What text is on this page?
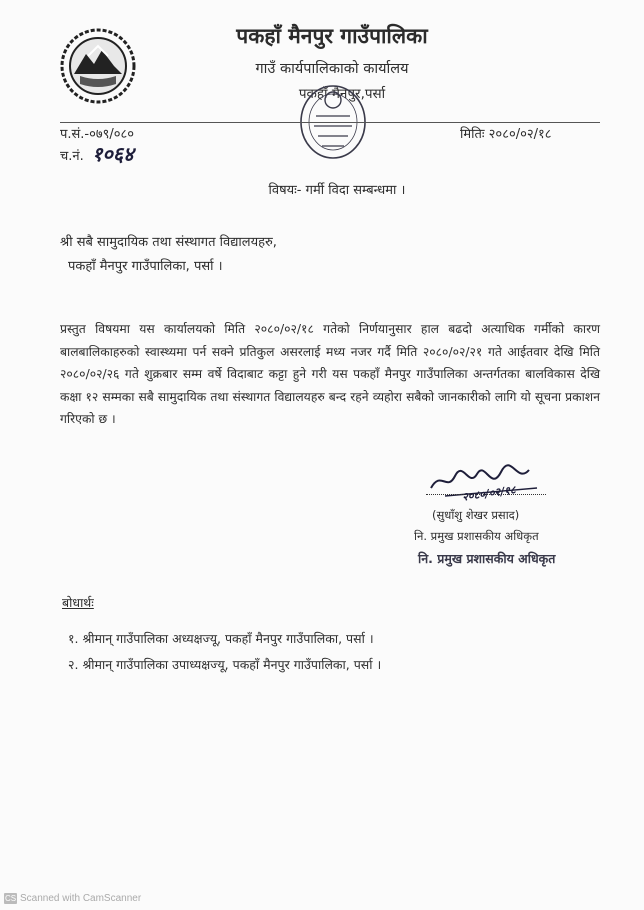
पकहाँ मैनपुर गाउँपालिका
गाउँ कार्यपालिकाको कार्यालय
पकहाँ मैनपुर,पर्सा
प.सं.-०७९/०८०
च.नं. १०६४
मितिः २०८०/०२/१८
विषयः- गर्मी विदा सम्बन्धमा ।
श्री सबै सामुदायिक तथा संस्थागत विद्यालयहरु,
पकहाँ मैनपुर गाउँपालिका, पर्सा ।
प्रस्तुत विषयमा यस कार्यालयको मिति २०८०/०२/१८ गतेको निर्णयानुसार हाल बढदो अत्याधिक गर्मीको कारण बालबालिकाहरुको स्वास्थ्यमा पर्न सक्ने प्रतिकुल असरलाई मध्य नजर गर्दै मिति २०८०/०२/२१ गते आईतवार देखि मिति २०८०/०२/२६ गते शुक्रबार सम्म वर्षे विदाबाट कट्टा हुने गरी यस पकहाँ मैनपुर गाउँपालिका अन्तर्गतका बालविकास देखि कक्षा १२ सम्मका सबै सामुदायिक तथा संस्थागत विद्यालयहरु बन्द रहने व्यहोरा सबैको जानकारीको लागि यो सूचना प्रकाशन गरिएको छ ।
२०८०/०२/१८
(सुधाँशु शेखर प्रसाद)
नि. प्रमुख प्रशासकीय अधिकृत
नि. प्रमुख प्रशासकीय अधिकृत
बोधार्थः
१. श्रीमान् गाउँपालिका अध्यक्षज्यू, पकहाँ मैनपुर गाउँपालिका, पर्सा ।
२. श्रीमान् गाउँपालिका उपाध्यक्षज्यू, पकहाँ मैनपुर गाउँपालिका, पर्सा ।
CS Scanned with CamScanner
